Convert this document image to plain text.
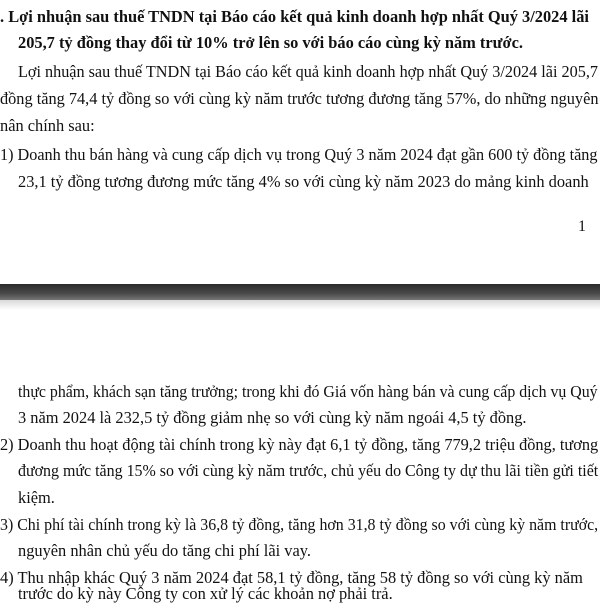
. Lợi nhuận sau thuế TNDN tại Báo cáo kết quả kinh doanh hợp nhất Quý 3/2024 lãi
205,7 tỷ đồng thay đổi từ 10% trở lên so với báo cáo cùng kỳ năm trước.
Lợi nhuận sau thuế TNDN tại Báo cáo kết quả kinh doanh hợp nhất Quý 3/2024 lãi 205,7
đồng tăng 74,4 tỷ đồng so với cùng kỳ năm trước tương đương tăng 57%, do những nguyên
nân chính sau:
1) Doanh thu bán hàng và cung cấp dịch vụ trong Quý 3 năm 2024 đạt gần 600 tỷ đồng tăng
23,1 tỷ đồng tương đương mức tăng 4% so với cùng kỳ năm 2023 do mảng kinh doanh
1
thực phẩm, khách sạn tăng trưởng; trong khi đó Giá vốn hàng bán và cung cấp dịch vụ Quý
3 năm 2024 là 232,5 tỷ đồng giảm nhẹ so với cùng kỳ năm ngoái 4,5 tỷ đồng.
2) Doanh thu hoạt động tài chính trong kỳ này đạt 6,1 tỷ đồng, tăng 779,2 triệu đồng, tương
đương mức tăng 15% so với cùng kỳ năm trước, chủ yếu do Công ty dự thu lãi tiền gửi tiết
kiệm.
3) Chi phí tài chính trong kỳ là 36,8 tỷ đồng, tăng hơn 31,8 tỷ đồng so với cùng kỳ năm trước,
nguyên nhân chủ yếu do tăng chi phí lãi vay.
4) Thu nhập khác Quý 3 năm 2024 đạt 58,1 tỷ đồng, tăng 58 tỷ đồng so với cùng kỳ năm
trước do kỳ này Công ty con xử lý các khoản nợ phải trả.
